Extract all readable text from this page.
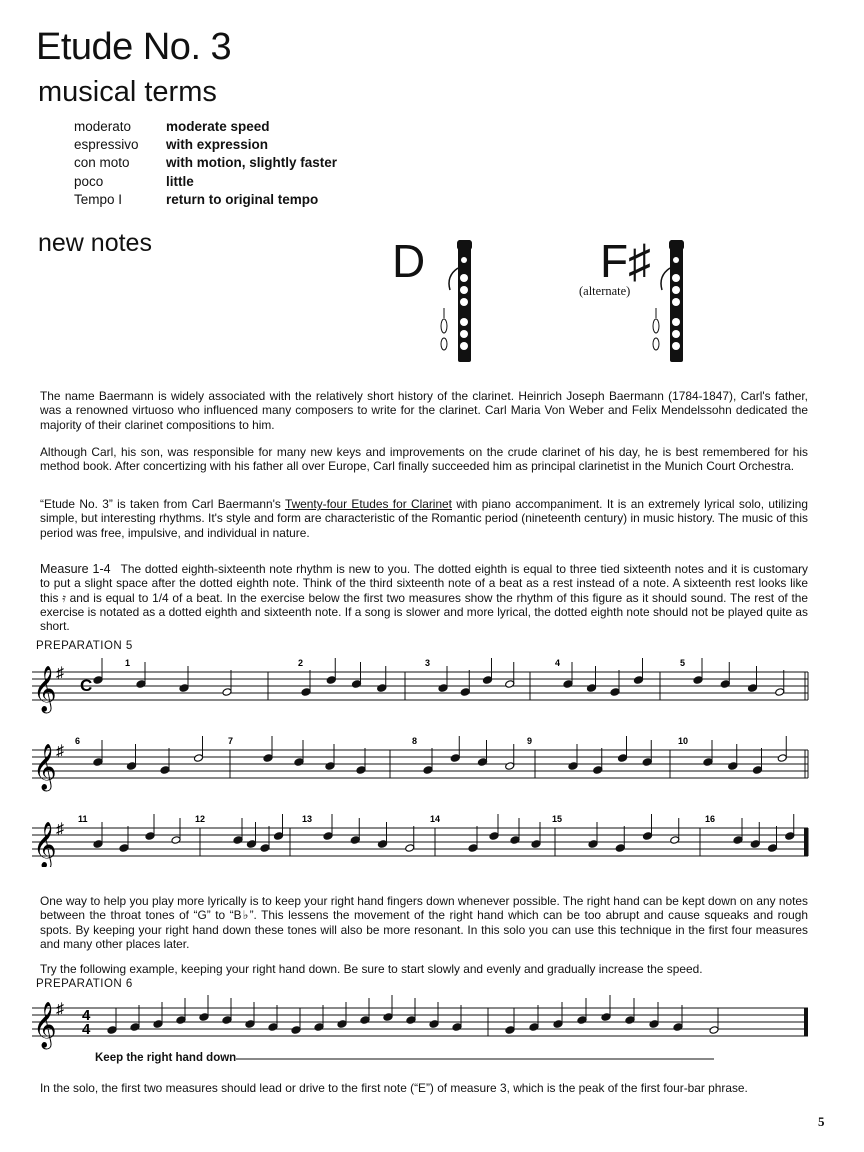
Etude No. 3
musical terms
moderato	moderate speed
espressivo	with expression
con moto	with motion, slightly faster
poco	little
Tempo I	return to original tempo
new notes	D	F♯
(alternate)
The name Baermann is widely associated with the relatively short history of the clarinet. Heinrich Joseph Baermann (1784-1847), Carl's father, was a renowned virtuoso who influenced many composers to write for the clarinet. Carl Maria Von Weber and Felix Mendelssohn dedicated the majority of their clarinet compositions to him.
Although Carl, his son, was responsible for many new keys and improvements on the crude clarinet of his day, he is best remembered for his method book. After concertizing with his father all over Europe, Carl finally succeeded him as principal clarinetist in the Munich Court Orchestra.
“Etude No. 3” is taken from Carl Baermann's Twenty-four Etudes for Clarinet with piano accompaniment. It is an extremely lyrical solo, utilizing simple, but interesting rhythms. It's style and form are characteristic of the Romantic period (nineteenth century) in music history. The music of this period was free, impulsive, and individual in nature.
Measure 1-4 The dotted eighth-sixteenth note rhythm is new to you. The dotted eighth is equal to three tied sixteenth notes and it is customary to put a slight space after the dotted eighth note. Think of the third sixteenth note of a beat as a rest instead of a note. A sixteenth rest looks like this 𝄿 and is equal to 1/4 of a beat. In the exercise below the first two measures show the rhythm of this figure as it should sound. The rest of the exercise is notated as a dotted eighth and sixteenth note. If a song is slower and more lyrical, the dotted eighth note should not be played quite as short.
PREPARATION 5
𝄞 ♯
C
𝄞 ♯
𝄞 ♯
1	2	3	4	5
6	7	8	9	10
11	12	13	14	15	16
One way to help you play more lyrically is to keep your right hand fingers down whenever possible. The right hand can be kept down on any notes between the throat tones of “G” to “B♭”. This lessens the movement of the right hand which can be too abrupt and cause squeaks and rough spots. By keeping your right hand down these tones will also be more resonant. In this solo you can use this technique in the first four measures and many other places later.
Try the following example, keeping your right hand down. Be sure to start slowly and evenly and gradually increase the speed.
PREPARATION 6
𝄞 ♯ 4
4
Keep the right hand down
In the solo, the first two measures should lead or drive to the first note (“E”) of measure 3, which is the peak of the first four-bar phrase.
5
